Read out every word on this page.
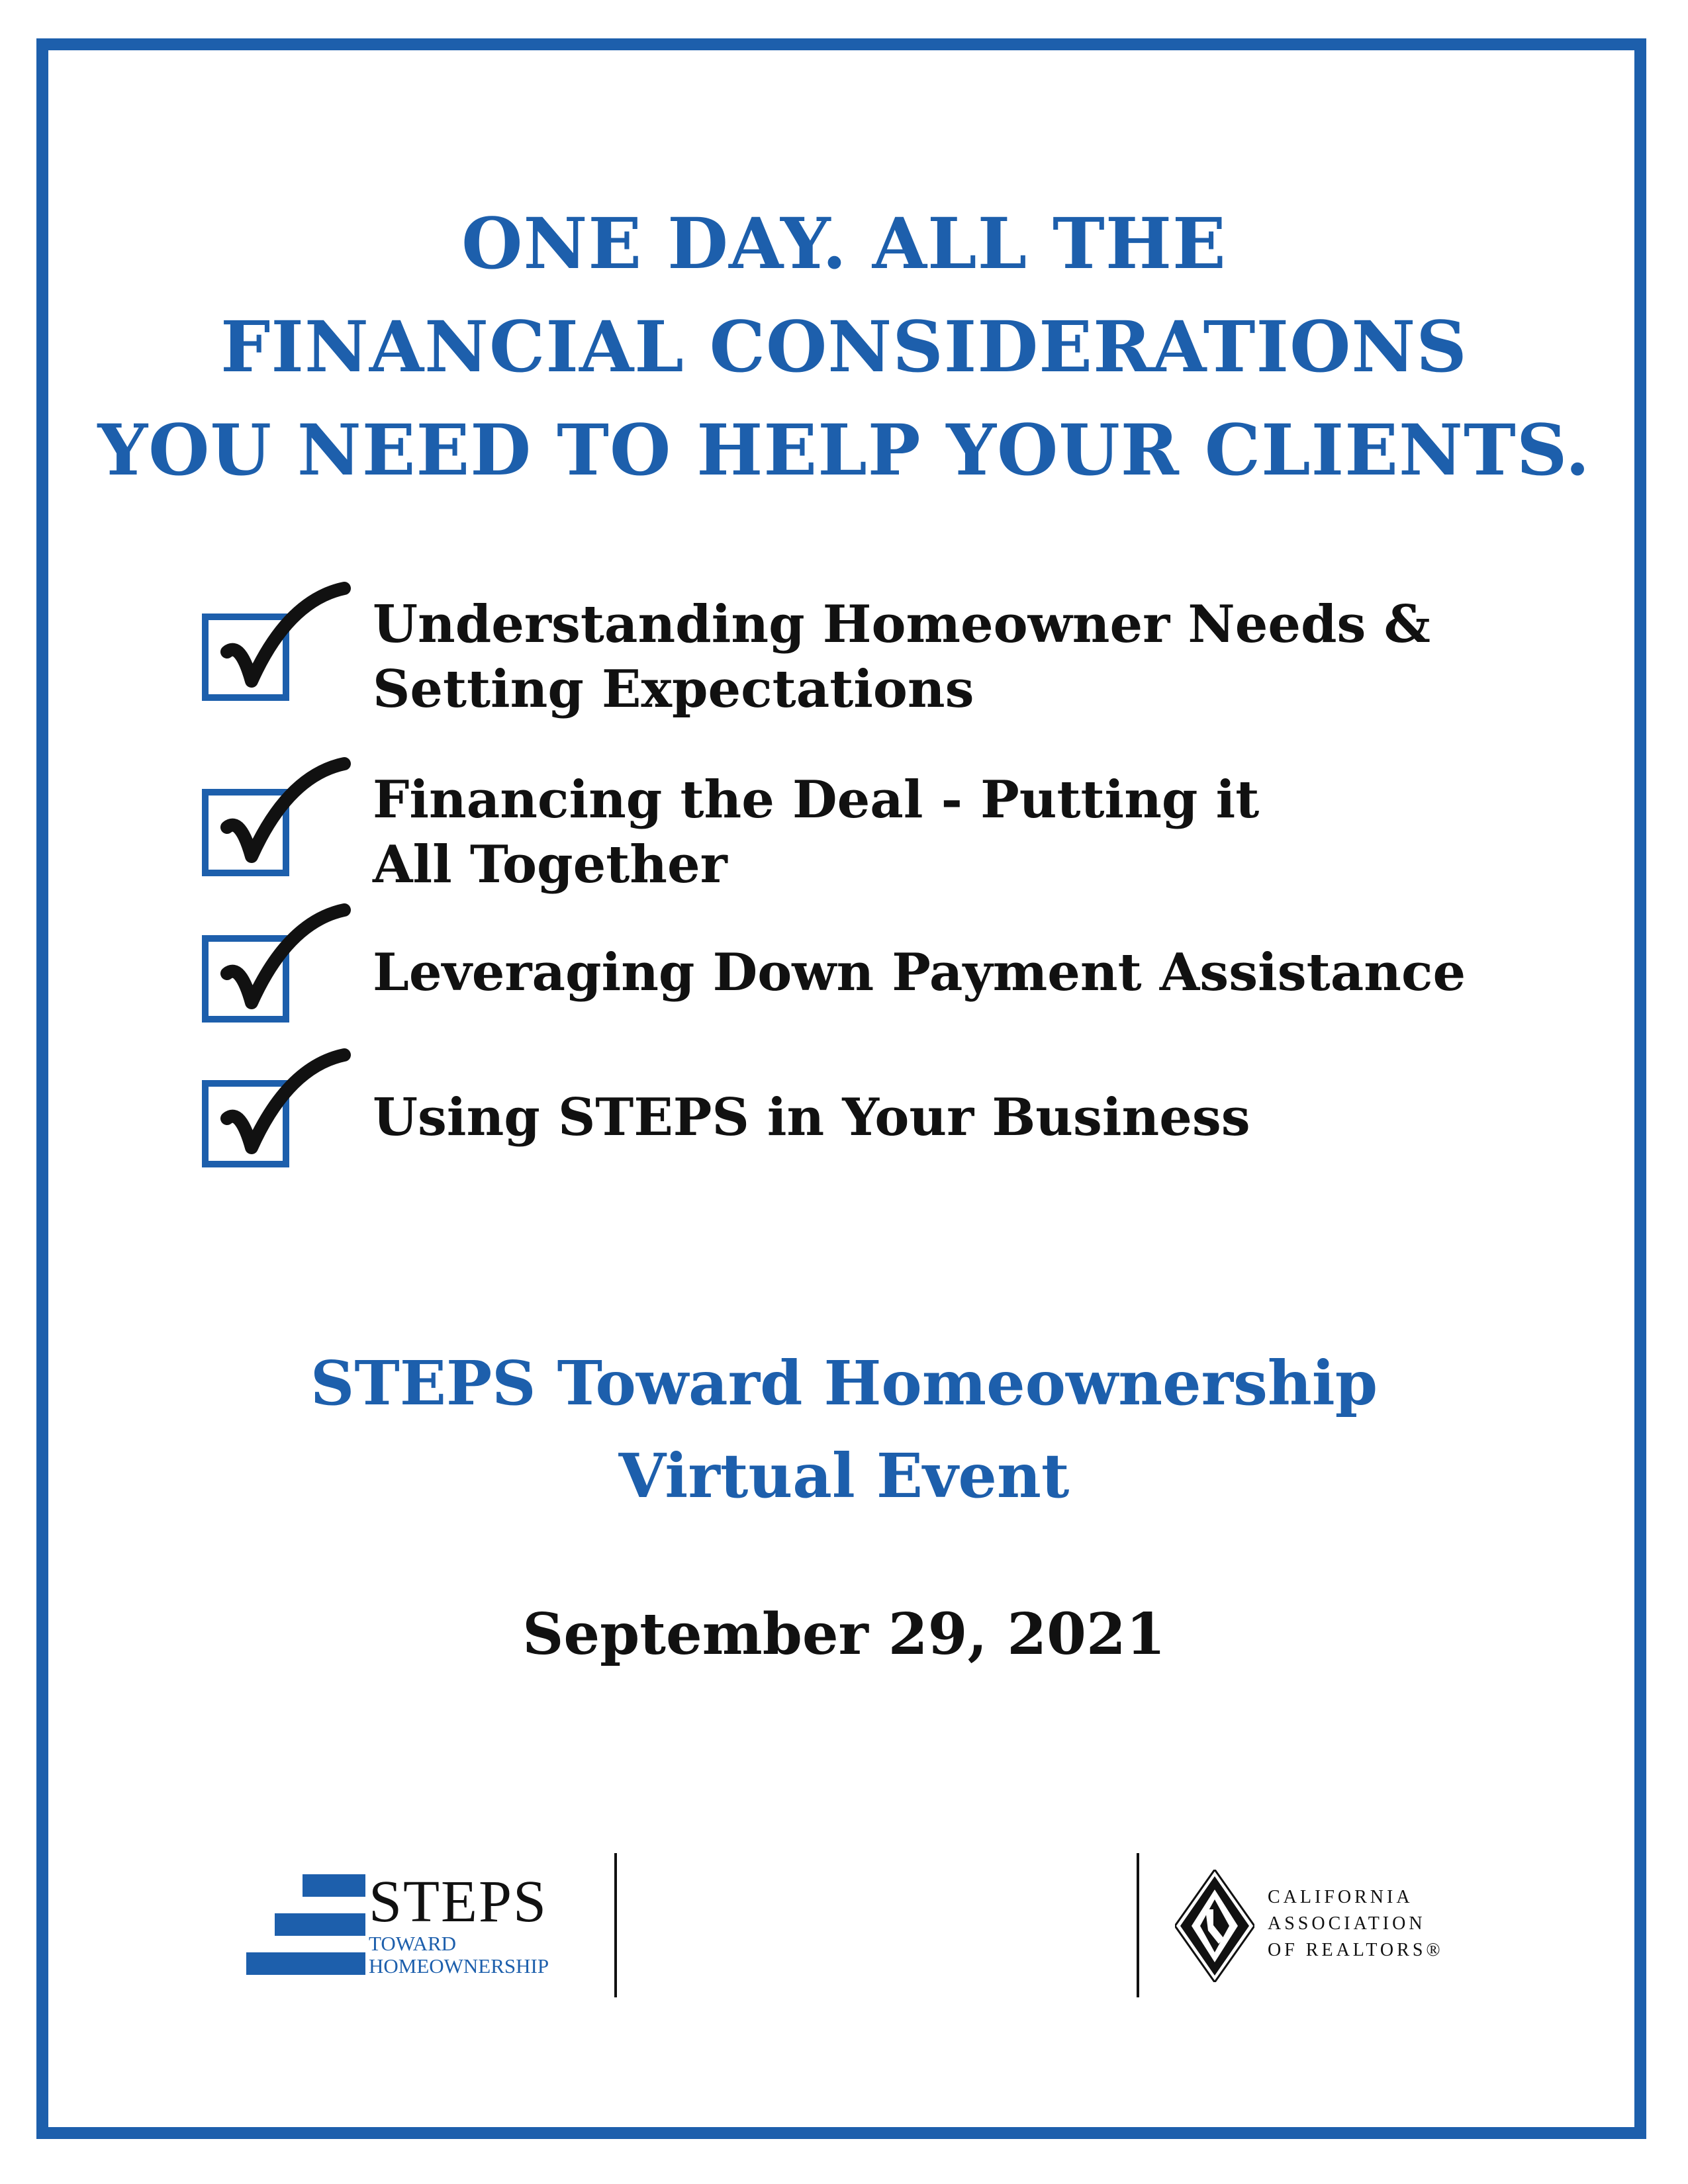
ONE DAY. ALL THE
FINANCIAL CONSIDERATIONS
YOU NEED TO HELP YOUR CLIENTS.
Understanding Homeowner Needs &
Setting Expectations
Financing the Deal - Putting it
All Together
Leveraging Down Payment Assistance
Using STEPS in Your Business
STEPS Toward Homeownership
Virtual Event
September 29, 2021
STEPS
TOWARD
HOMEOWNERSHIP
CALIFORNIA
ASSOCIATION
OF REALTORS®
